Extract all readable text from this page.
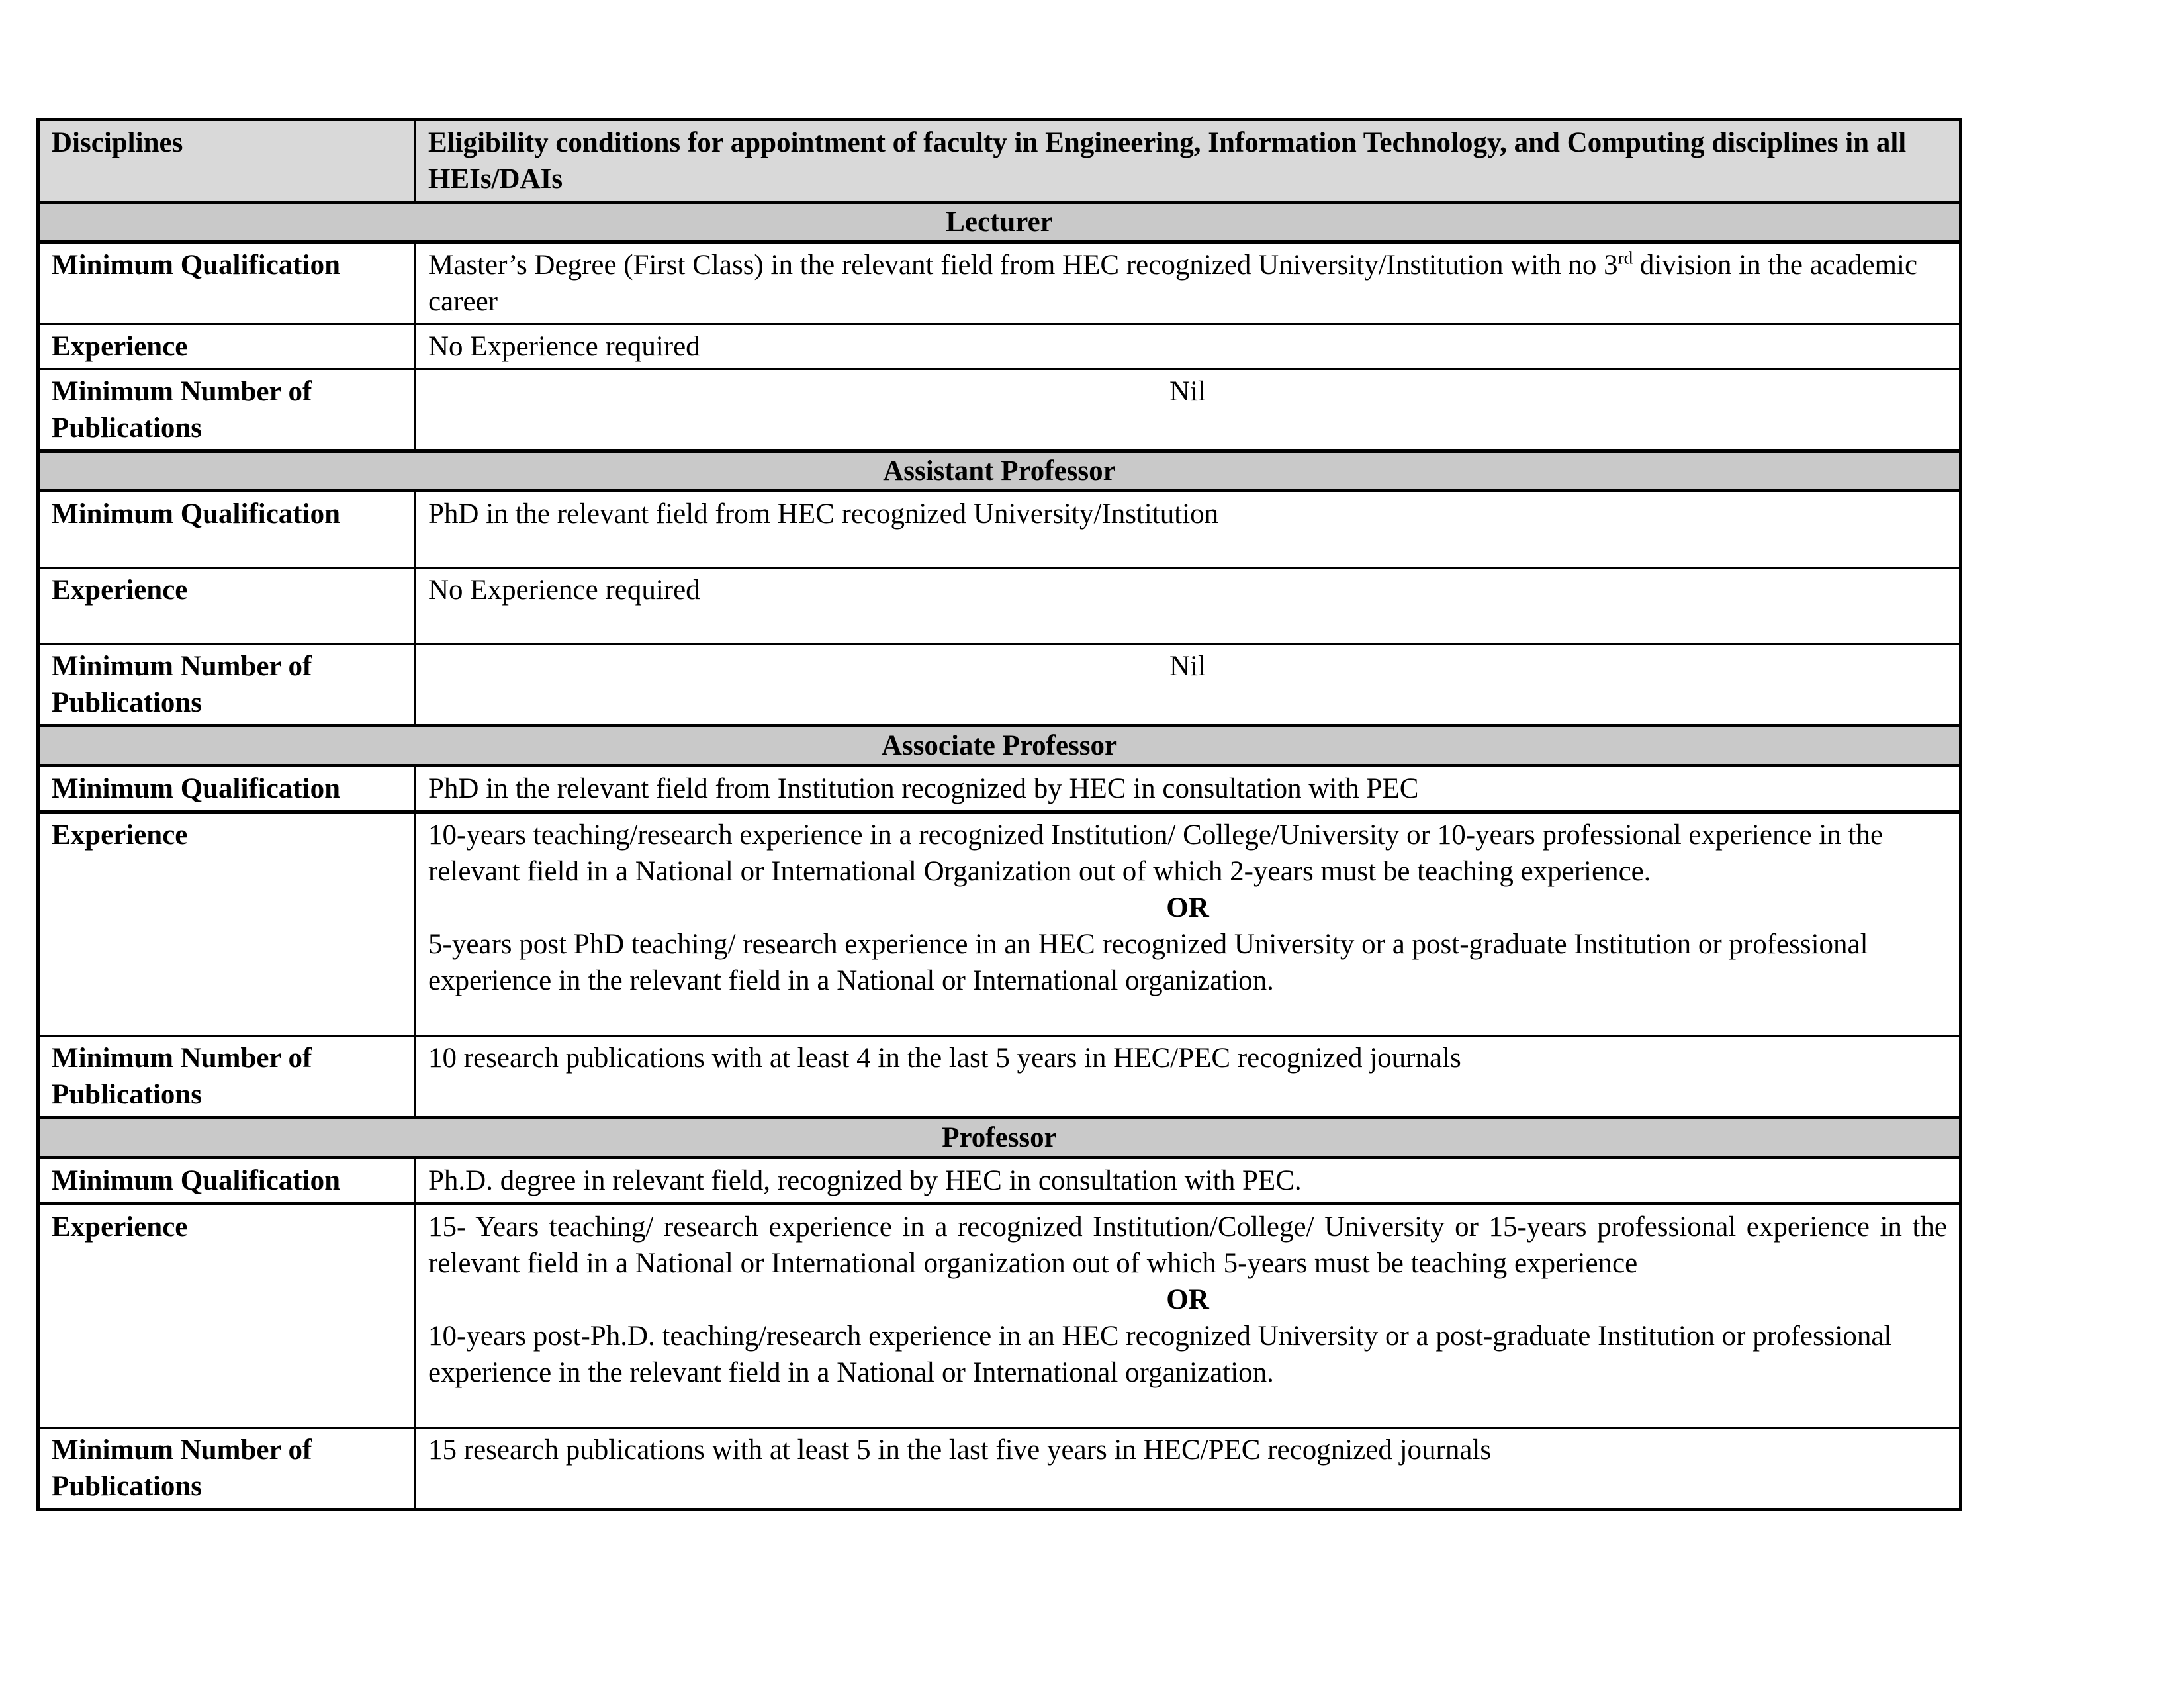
Disciplines	Eligibility conditions for appointment of faculty in Engineering, Information Technology, and Computing disciplines in all HEIs/DAIs
Lecturer	
Minimum Qualification	Master’s Degree (First Class) in the relevant field from HEC recognized University/Institution with no 3rd division in the academic career
Experience	No Experience required
Minimum Number of Publications	Nil
Assistant Professor	
Minimum Qualification	PhD in the relevant field from HEC recognized University/Institution
Experience	No Experience required
Minimum Number of Publications	Nil
Associate Professor	
Minimum Qualification	PhD in the relevant field from Institution recognized by HEC in consultation with PEC
Experience	10-years teaching/research experience in a recognized Institution/ College/University or 10-years professional experience in the relevant field in a National or International Organization out of which 2-years must be teaching experience.
OR
5-years post PhD teaching/ research experience in an HEC recognized University or a post-graduate Institution or professional experience in the relevant field in a National or International organization.

Minimum Number of Publications	10 research publications with at least 4 in the last 5 years in HEC/PEC recognized journals
Professor	
Minimum Qualification	Ph.D. degree in relevant field, recognized by HEC in consultation with PEC.
Experience	15- Years teaching/ research experience in a recognized Institution/College/ University or 15-years professional experience in the relevant field in a National or International organization out of which 5-years must be teaching experience
OR
10-years post-Ph.D. teaching/research experience in an HEC recognized University or a post-graduate Institution or professional experience in the relevant field in a National or International organization.

Minimum Number of Publications	15 research publications with at least 5 in the last five years in HEC/PEC recognized journals
